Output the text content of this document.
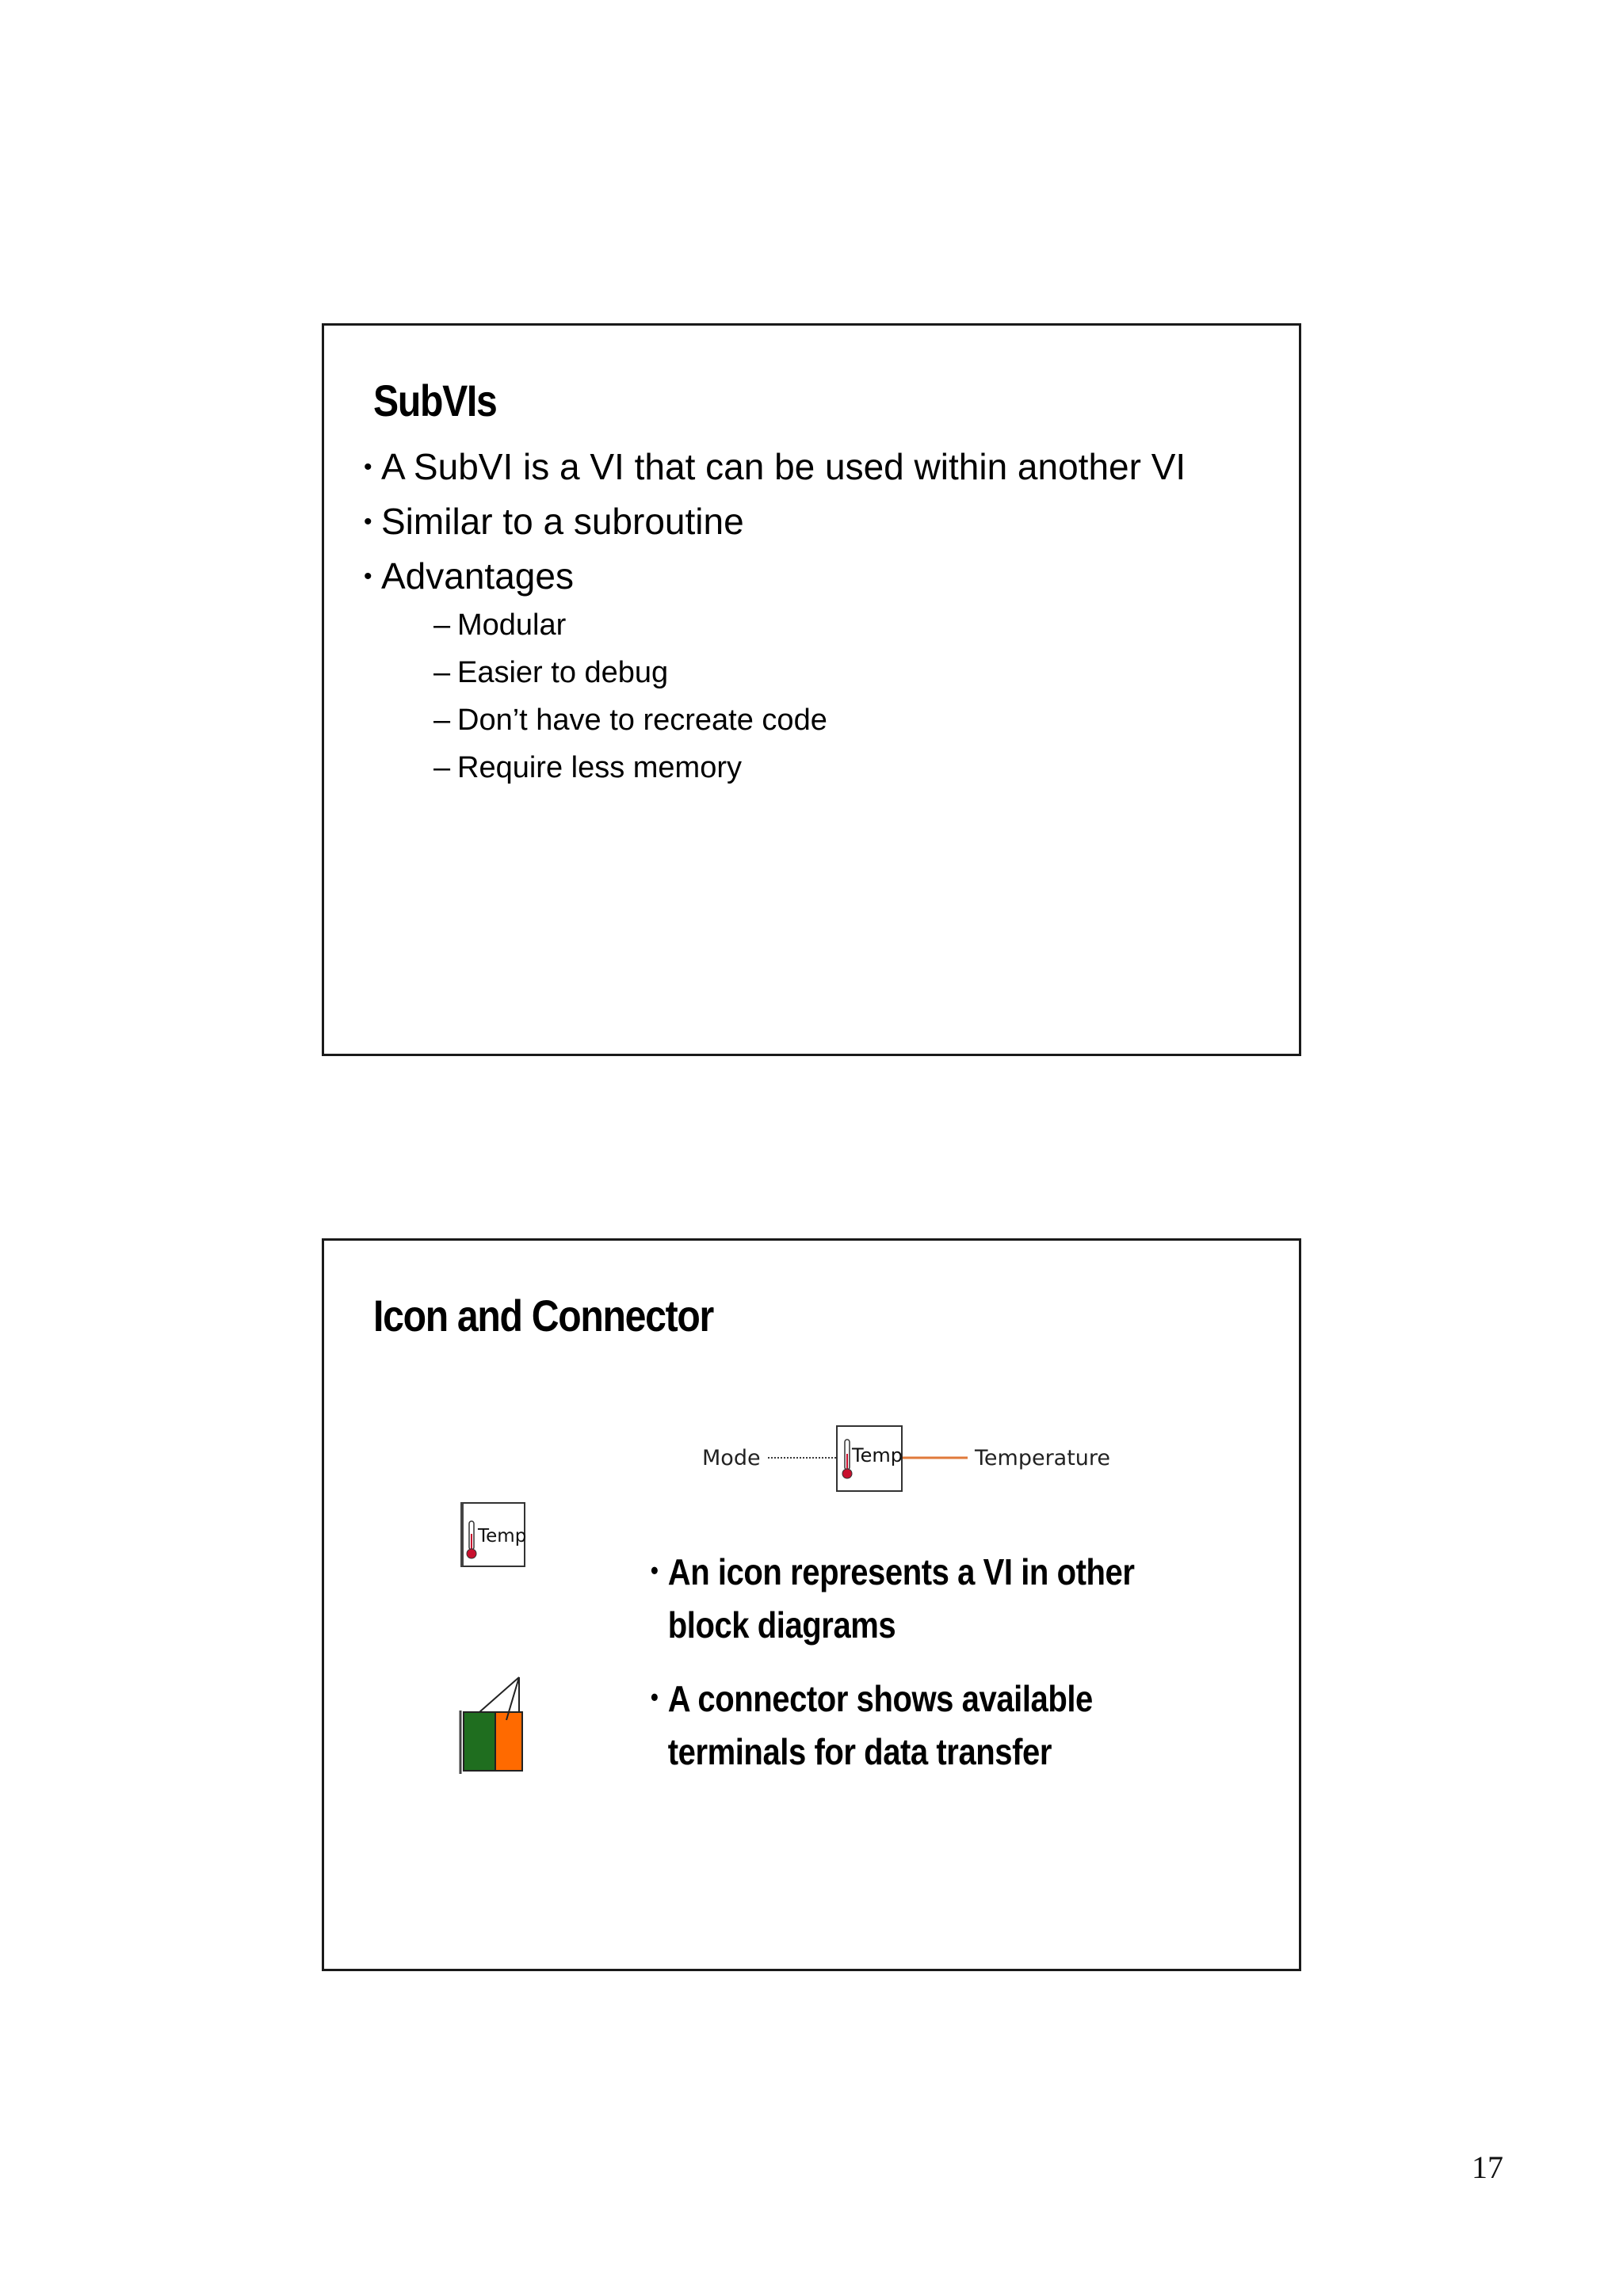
SubVIs
• A SubVI is a VI that can be used within another VI
• Similar to a subroutine
• Advantages
– Modular
– Easier to debug
– Don’t have to recreate code
– Require less memory
Icon and Connector
Mode	Temperature
Temp
Temp
• An icon represents a VI in other block diagrams
• A connector shows available terminals for data transfer
17
